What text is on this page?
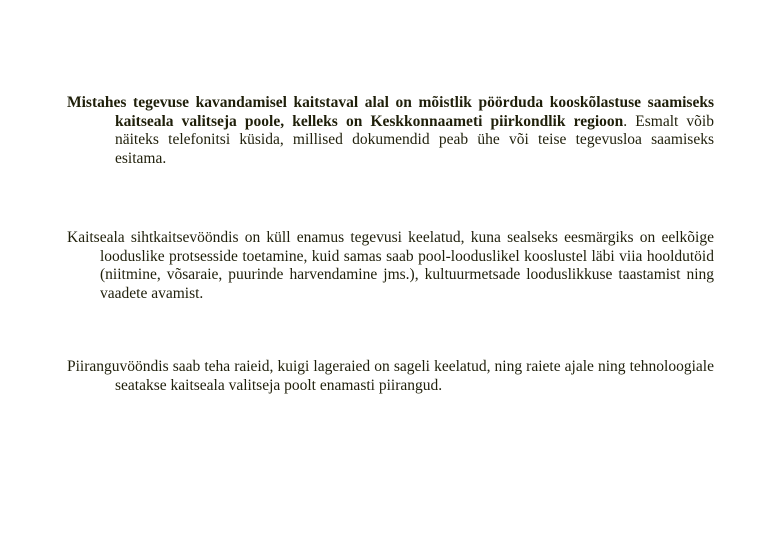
Mistahes tegevuse kavandamisel kaitstaval alal on mõistlik pöörduda kooskõlastuse saamiseks kaitseala valitseja poole, kelleks on Keskkonnaameti piirkondlik regioon. Esmalt võib näiteks telefonitsi küsida, millised dokumendid peab ühe või teise tegevusloa saamiseks esitama.

Kaitseala sihtkaitsevööndis on küll enamus tegevusi keelatud, kuna sealseks eesmärgiks on eelkõige looduslike protsesside toetamine, kuid samas saab pool-looduslikel kooslustel läbi viia hooldutöid (niitmine, võsaraie, puurinde harvendamine jms.), kultuurmetsade looduslikkuse taastamist ning vaadete avamist.

Piiranguvööndis saab teha raieid, kuigi lageraied on sageli keelatud, ning raiete ajale ning tehnoloogiale seatakse kaitseala valitseja poolt enamasti piirangud.
